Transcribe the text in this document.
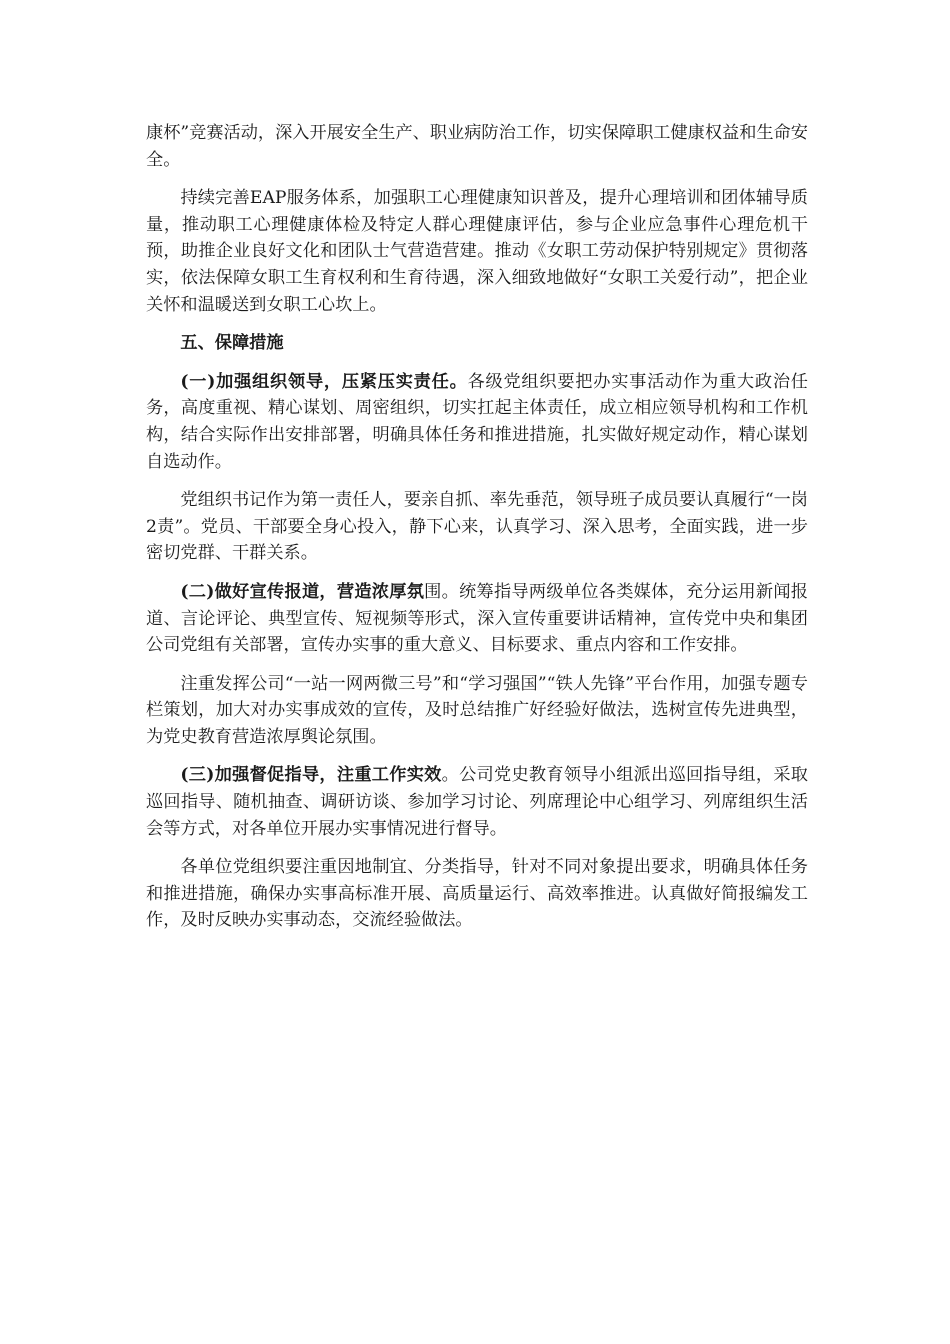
康杯”竞赛活动，深入开展安全生产、职业病防治工作，切实保障职工健康权益和生命安全。

持续完善EAP服务体系，加强职工心理健康知识普及，提升心理培训和团体辅导质量，推动职工心理健康体检及特定人群心理健康评估，参与企业应急事件心理危机干预，助推企业良好文化和团队士气营造营建。推动《女职工劳动保护特别规定》贯彻落实，依法保障女职工生育权利和生育待遇，深入细致地做好“女职工关爱行动”，把企业关怀和温暖送到女职工心坎上。

五、保障措施

(一)加强组织领导，压紧压实责任。各级党组织要把办实事活动作为重大政治任务，高度重视、精心谋划、周密组织，切实扛起主体责任，成立相应领导机构和工作机构，结合实际作出安排部署，明确具体任务和推进措施，扎实做好规定动作，精心谋划自选动作。

党组织书记作为第一责任人，要亲自抓、率先垂范，领导班子成员要认真履行“一岗2责”。党员、干部要全身心投入，静下心来，认真学习、深入思考，全面实践，进一步密切党群、干群关系。

(二)做好宣传报道，营造浓厚氛围。统筹指导两级单位各类媒体，充分运用新闻报道、言论评论、典型宣传、短视频等形式，深入宣传重要讲话精神，宣传党中央和集团公司党组有关部署，宣传办实事的重大意义、目标要求、重点内容和工作安排。

注重发挥公司“一站一网两微三号”和“学习强国”“铁人先锋”平台作用，加强专题专栏策划，加大对办实事成效的宣传，及时总结推广好经验好做法，选树宣传先进典型，为党史教育营造浓厚舆论氛围。

(三)加强督促指导，注重工作实效。公司党史教育领导小组派出巡回指导组，采取巡回指导、随机抽查、调研访谈、参加学习讨论、列席理论中心组学习、列席组织生活会等方式，对各单位开展办实事情况进行督导。

各单位党组织要注重因地制宜、分类指导，针对不同对象提出要求，明确具体任务和推进措施，确保办实事高标准开展、高质量运行、高效率推进。认真做好简报编发工作，及时反映办实事动态，交流经验做法。
